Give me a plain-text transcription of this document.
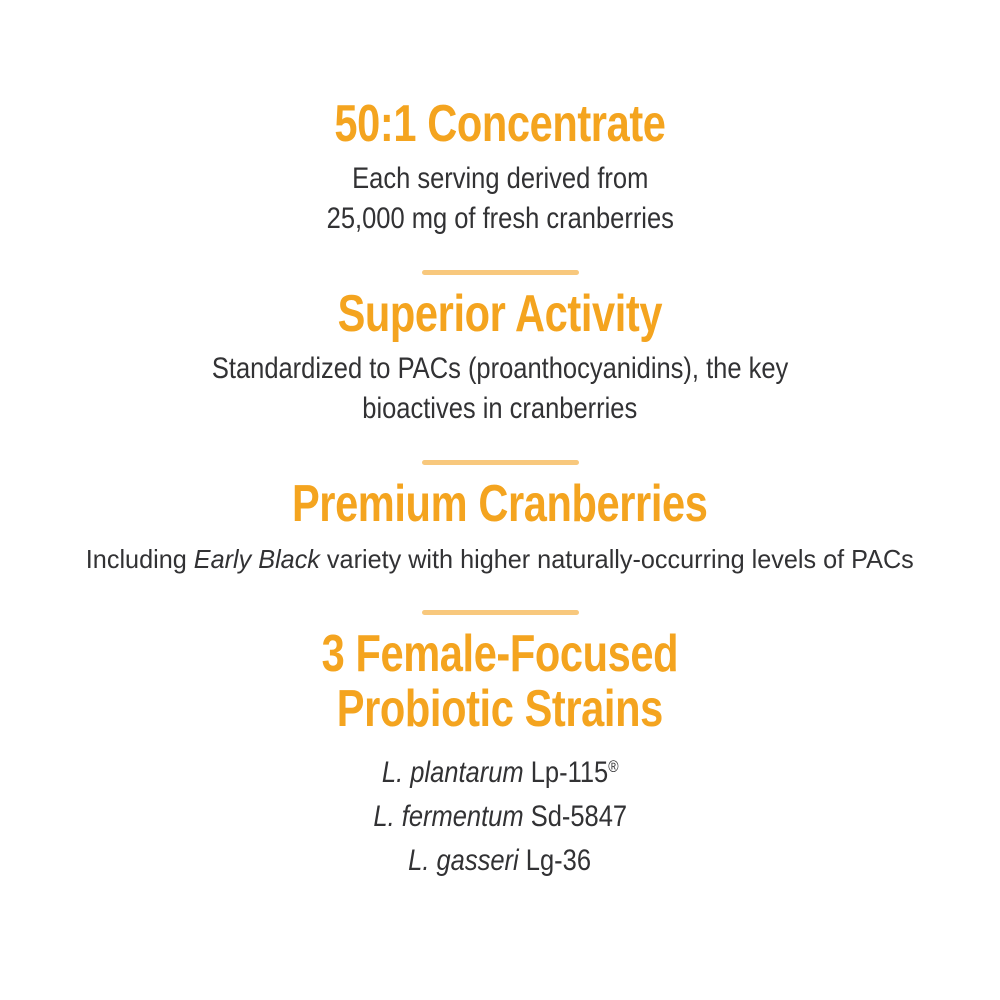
50:1 Concentrate

Each serving derived from
25,000 mg of fresh cranberries

Superior Activity

Standardized to PACs (proanthocyanidins), the key
bioactives in cranberries

Premium Cranberries

Including Early Black variety with higher naturally-occurring levels of PACs

3 Female-Focused
Probiotic Strains

L. plantarum Lp-115®
L. fermentum Sd-5847
L. gasseri Lg-36
